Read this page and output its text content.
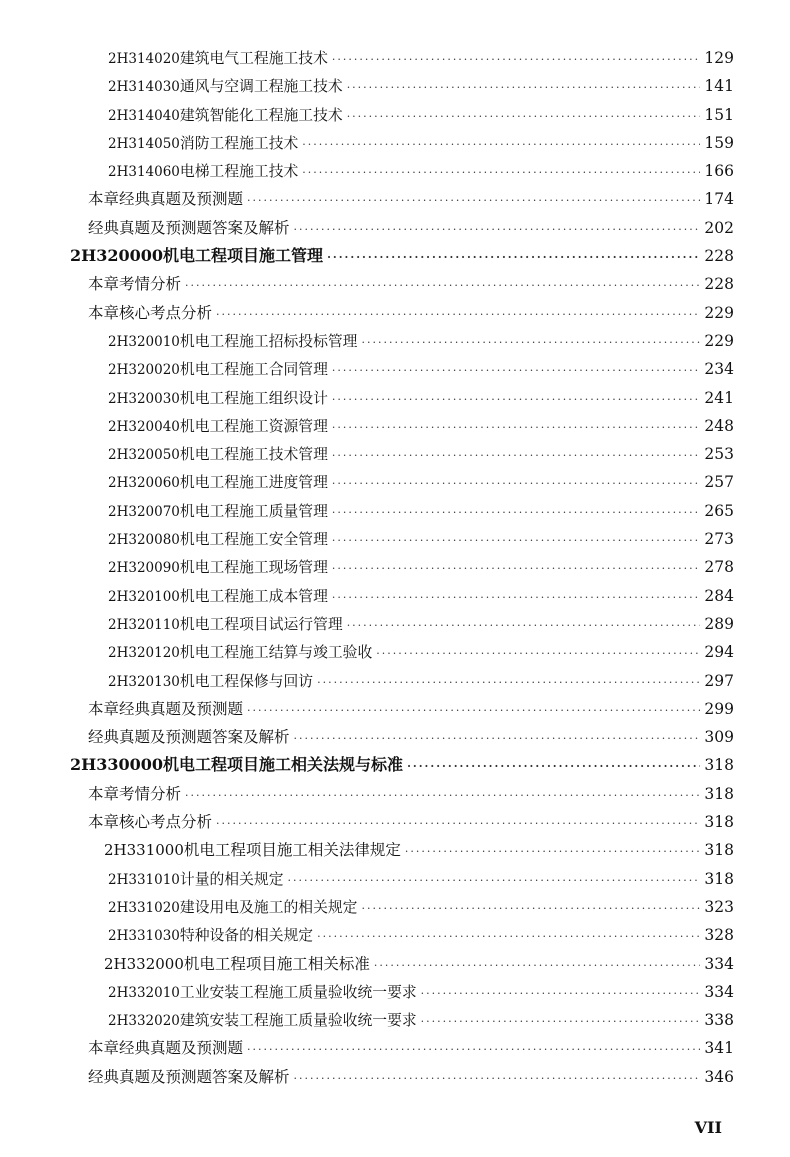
2H314020 建筑电气工程施工技术 ·····	129
2H314030 通风与空调工程施工技术 ·····	141
2H314040 建筑智能化工程施工技术 ·····	151
2H314050 消防工程施工技术 ·····	159
2H314060 电梯工程施工技术 ·····	166
本章经典真题及预测题 ·····	174
经典真题及预测题答案及解析 ·····	202
2H320000 机电工程项目施工管理 ·····	228
本章考情分析 ·····	228
本章核心考点分析 ·····	229
2H320010 机电工程施工招标投标管理 ·····	229
2H320020 机电工程施工合同管理 ·····	234
2H320030 机电工程施工组织设计 ·····	241
2H320040 机电工程施工资源管理 ·····	248
2H320050 机电工程施工技术管理 ·····	253
2H320060 机电工程施工进度管理 ·····	257
2H320070 机电工程施工质量管理 ·····	265
2H320080 机电工程施工安全管理 ·····	273
2H320090 机电工程施工现场管理 ·····	278
2H320100 机电工程施工成本管理 ·····	284
2H320110 机电工程项目试运行管理 ·····	289
2H320120 机电工程施工结算与竣工验收 ·····	294
2H320130 机电工程保修与回访 ·····	297
本章经典真题及预测题 ·····	299
经典真题及预测题答案及解析 ·····	309
2H330000 机电工程项目施工相关法规与标准 ·····	318
本章考情分析 ·····	318
本章核心考点分析 ·····	318
2H331000 机电工程项目施工相关法律规定 ·····	318
2H331010 计量的相关规定 ·····	318
2H331020 建设用电及施工的相关规定 ·····	323
2H331030 特种设备的相关规定 ·····	328
2H332000 机电工程项目施工相关标准 ·····	334
2H332010 工业安装工程施工质量验收统一要求 ·····	334
2H332020 建筑安装工程施工质量验收统一要求 ·····	338
本章经典真题及预测题 ·····	341
经典真题及预测题答案及解析 ·····	346
VII
